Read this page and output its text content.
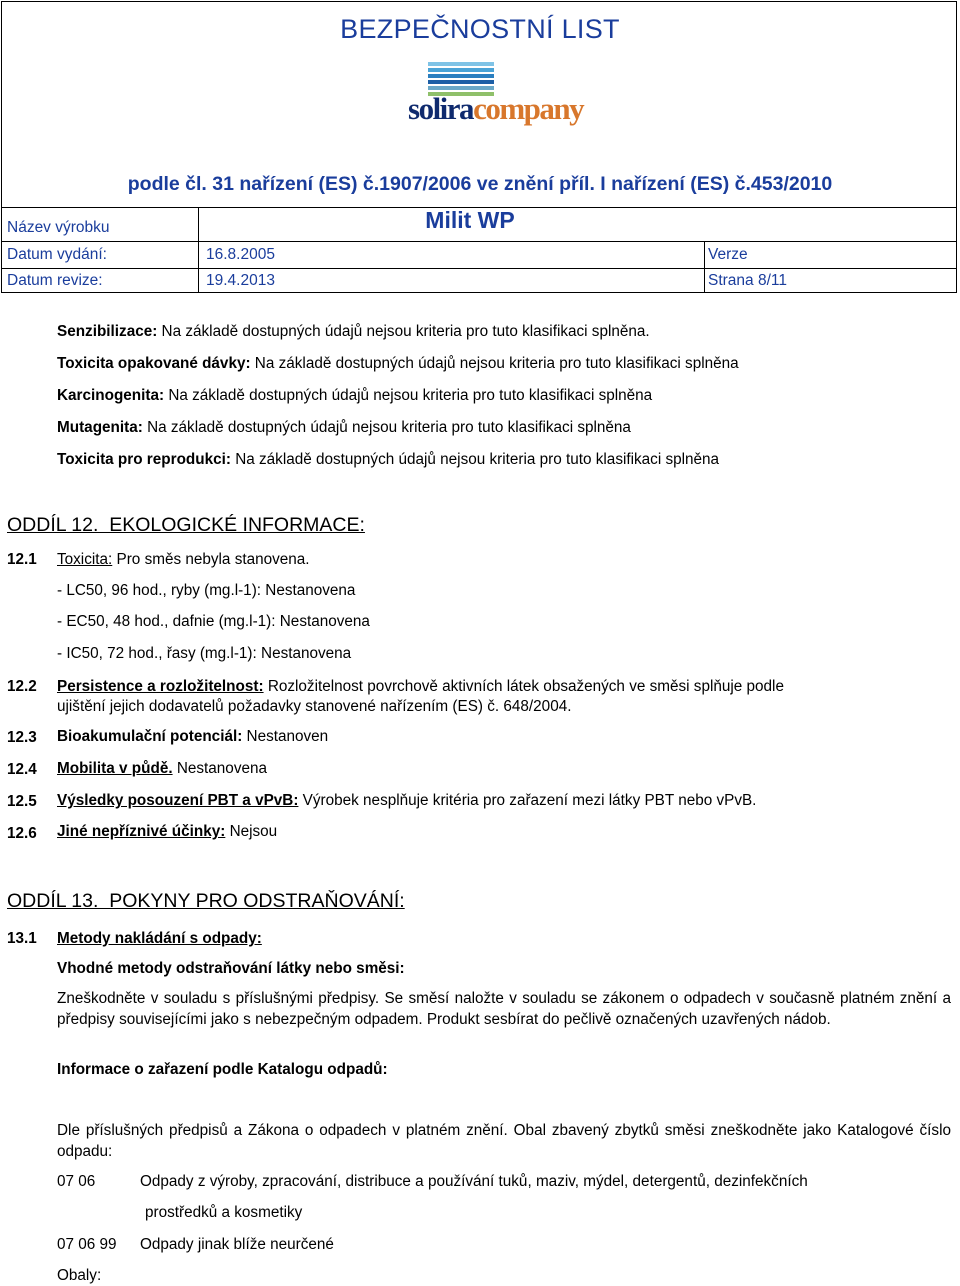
BEZPEČNOSTNÍ LIST
soliracompany
podle čl. 31 nařízení (ES) č.1907/2006 ve znění příl. I nařízení (ES) č.453/2010
Název výrobku	Milit WP
Datum vydání:	16.8.2005	Verze
Datum revize:	19.4.2013	Strana 8/11
Senzibilizace: Na základě dostupných údajů nejsou kriteria pro tuto klasifikaci splněna.
Toxicita opakované dávky: Na základě dostupných údajů nejsou kriteria pro tuto klasifikaci splněna
Karcinogenita: Na základě dostupných údajů nejsou kriteria pro tuto klasifikaci splněna
Mutagenita: Na základě dostupných údajů nejsou kriteria pro tuto klasifikaci splněna
Toxicita pro reprodukci: Na základě dostupných údajů nejsou kriteria pro tuto klasifikaci splněna
ODDÍL 12.  EKOLOGICKÉ INFORMACE:
12.1 Toxicita: Pro směs nebyla stanovena.
- LC50, 96 hod., ryby (mg.l-1): Nestanovena
- EC50, 48 hod., dafnie (mg.l-1): Nestanovena
- IC50, 72 hod., řasy (mg.l-1): Nestanovena
12.2 Persistence a rozložitelnost: Rozložitelnost povrchově aktivních látek obsažených ve směsi splňuje podle
ujištění jejich dodavatelů požadavky stanovené nařízením (ES) č. 648/2004.
12.3 Bioakumulační potenciál: Nestanoven
12.4 Mobilita v půdě. Nestanovena
12.5 Výsledky posouzení PBT a vPvB: Výrobek nesplňuje kritéria pro zařazení mezi látky PBT nebo vPvB.
12.6 Jiné nepříznivé účinky: Nejsou
ODDÍL 13.  POKYNY PRO ODSTRAŇOVÁNÍ:
13.1 Metody nakládání s odpady:
Vhodné metody odstraňování látky nebo směsi:
Zneškodněte v souladu s příslušnými předpisy. Se směsí naložte v souladu se zákonem o odpadech v současně platném znění a předpisy souvisejícími jako s nebezpečným odpadem. Produkt sesbírat do pečlivě označených uzavřených nádob.
Informace o zařazení podle Katalogu odpadů:
Dle příslušných předpisů a Zákona o odpadech v platném znění. Obal zbavený zbytků směsi zneškodněte jako Katalogové číslo odpadu:
07 06	Odpady z výroby, zpracování, distribuce a používání tuků, maziv, mýdel, detergentů, dezinfekčních
prostředků a kosmetiky
07 06 99 Odpady jinak blíže neurčené
Obaly:
